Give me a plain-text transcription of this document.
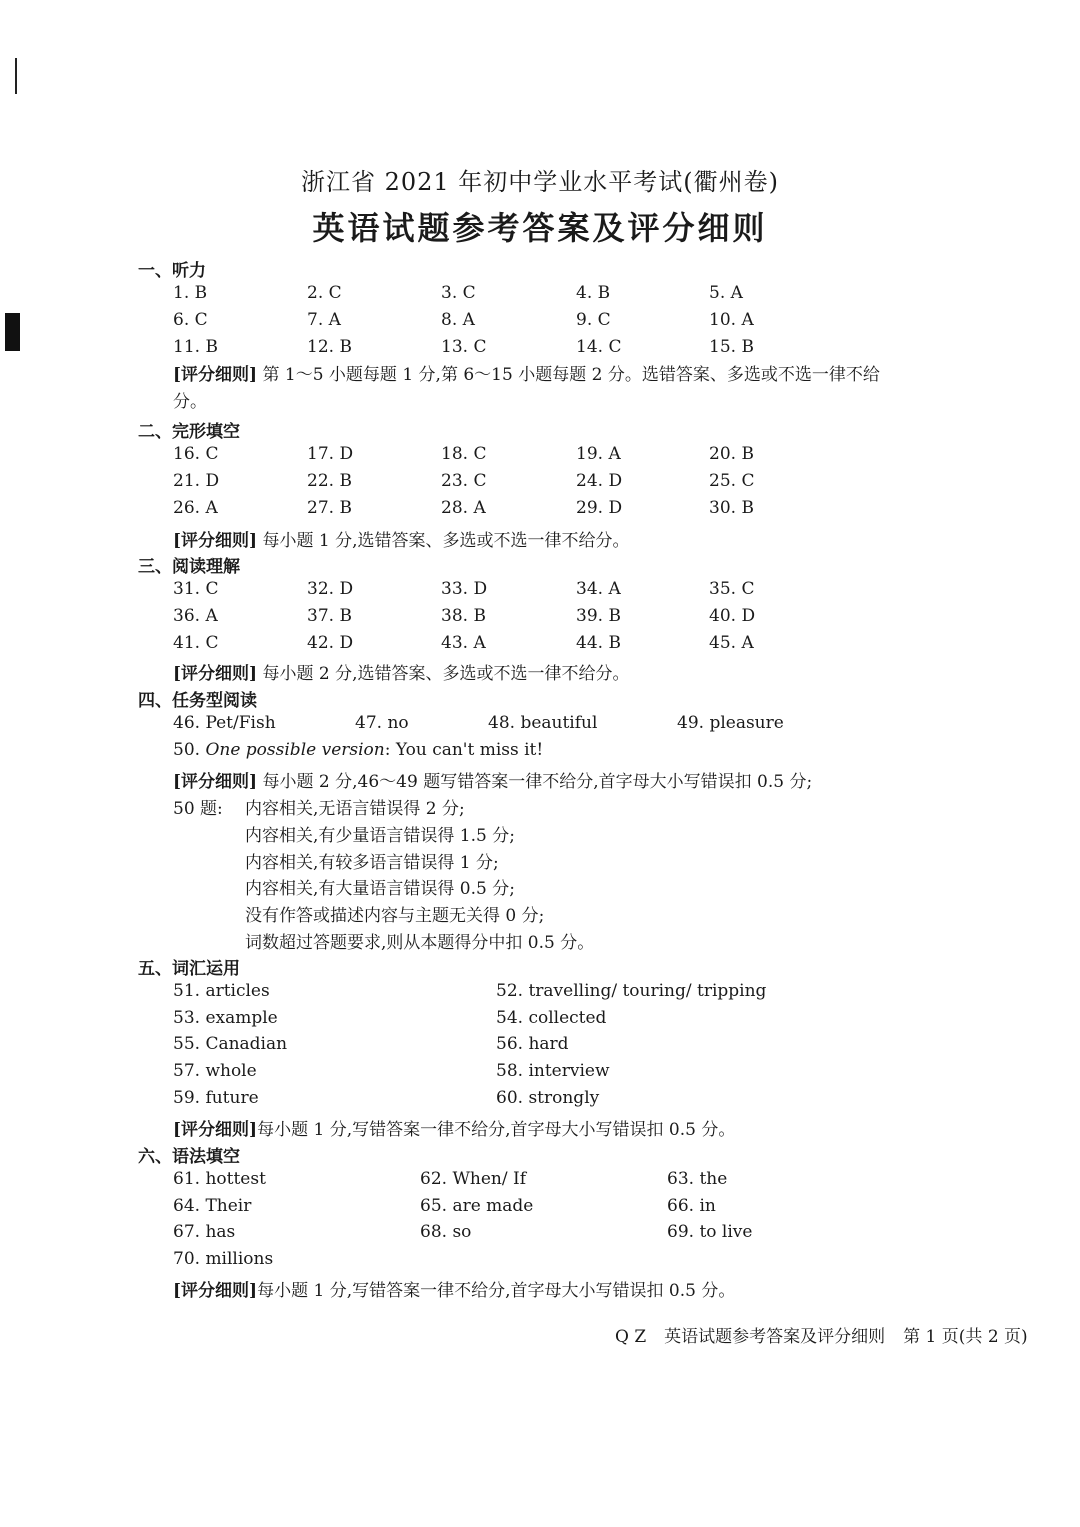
浙江省 2021 年初中学业水平考试(衢州卷)
英语试题参考答案及评分细则
一、听力
1. B	2. C	3. C	4. B	5. A
6. C	7. A	8. A	9. C	10. A
11. B	12. B	13. C	14. C	15. B
[评分细则] 第 1～5 小题每题 1 分,第 6～15 小题每题 2 分。选错答案、多选或不选一律不给分。
二、完形填空
16. C	17. D	18. C	19. A	20. B
21. D	22. B	23. C	24. D	25. C
26. A	27. B	28. A	29. D	30. B
[评分细则] 每小题 1 分,选错答案、多选或不选一律不给分。
三、阅读理解
31. C	32. D	33. D	34. A	35. C
36. A	37. B	38. B	39. B	40. D
41. C	42. D	43. A	44. B	45. A
[评分细则] 每小题 2 分,选错答案、多选或不选一律不给分。
四、任务型阅读
46. Pet/Fish	47. no	48. beautiful	49. pleasure
50. One possible version: You can't miss it!
[评分细则] 每小题 2 分,46～49 题写错答案一律不给分,首字母大小写错误扣 0.5 分;
50 题: 内容相关,无语言错误得 2 分;
内容相关,有少量语言错误得 1.5 分;
内容相关,有较多语言错误得 1 分;
内容相关,有大量语言错误得 0.5 分;
没有作答或描述内容与主题无关得 0 分;
词数超过答题要求,则从本题得分中扣 0.5 分。
五、词汇运用
51. articles	52. travelling/ touring/ tripping
53. example	54. collected
55. Canadian	56. hard
57. whole	58. interview
59. future	60. strongly
[评分细则]每小题 1 分,写错答案一律不给分,首字母大小写错误扣 0.5 分。
六、语法填空
61. hottest	62. When/ If	63. the
64. Their	65. are made	66. in
67. has	68. so	69. to live
70. millions
[评分细则]每小题 1 分,写错答案一律不给分,首字母大小写错误扣 0.5 分。
Q Z 英语试题参考答案及评分细则 第 1 页(共 2 页)
